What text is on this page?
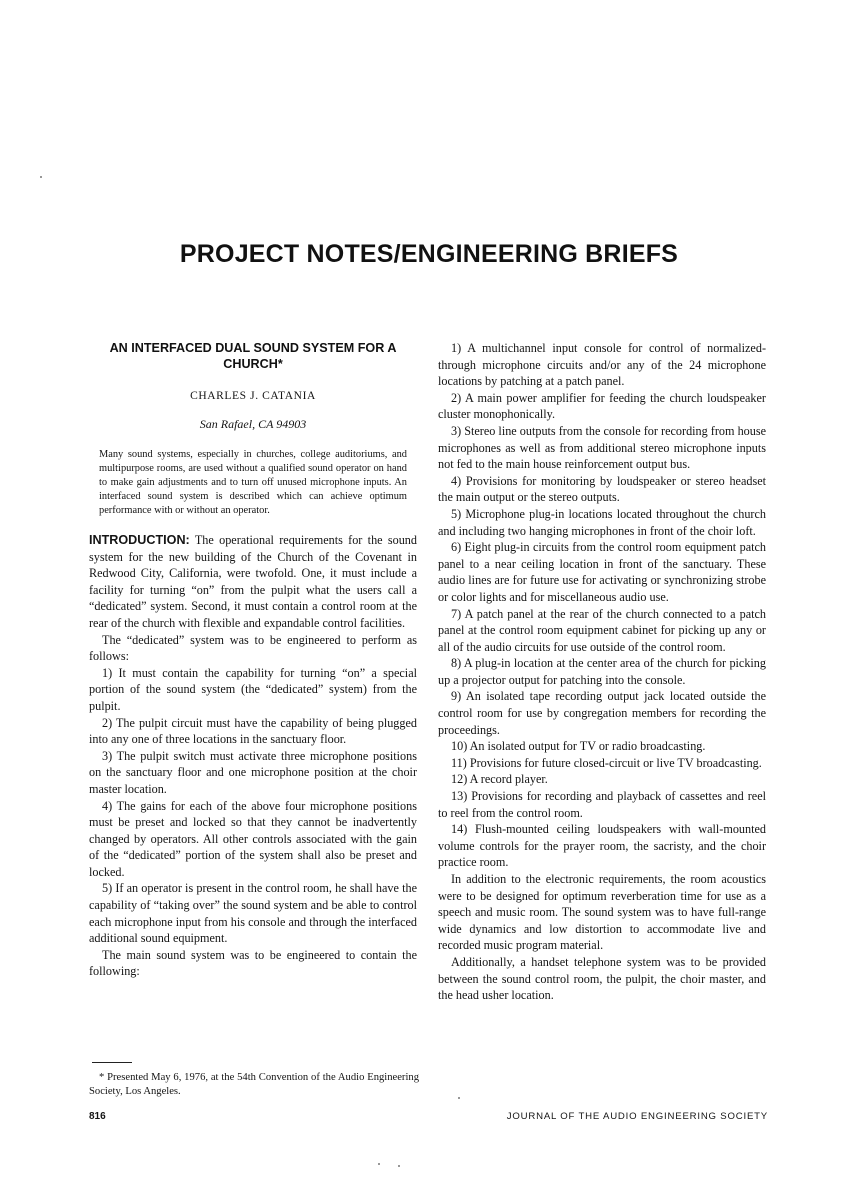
PROJECT NOTES/ENGINEERING BRIEFS
AN INTERFACED DUAL SOUND SYSTEM FOR A CHURCH*
CHARLES J. CATANIA
San Rafael, CA 94903
Many sound systems, especially in churches, college auditoriums, and multipurpose rooms, are used without a qualified sound operator on hand to make gain adjustments and to turn off unused microphone inputs. An interfaced sound system is described which can achieve optimum performance with or without an operator.

INTRODUCTION: The operational requirements for the sound system for the new building of the Church of the Covenant in Redwood City, California, were twofold. One, it must include a facility for turning “on” from the pulpit what the users call a “dedicated” system. Second, it must contain a control room at the rear of the church with flexible and expandable control facilities.

The “dedicated” system was to be engineered to perform as follows:

1) It must contain the capability for turning “on” a special portion of the sound system (the “dedicated” system) from the pulpit.

2) The pulpit circuit must have the capability of being plugged into any one of three locations in the sanctuary floor.

3) The pulpit switch must activate three microphone positions on the sanctuary floor and one microphone position at the choir master location.

4) The gains for each of the above four microphone positions must be preset and locked so that they cannot be inadvertently changed by operators. All other controls associated with the gain of the “dedicated” portion of the system shall also be preset and locked.

5) If an operator is present in the control room, he shall have the capability of “taking over” the sound system and be able to control each microphone input from his console and through the interfaced additional sound equipment.

The main sound system was to be engineered to contain the following:

1) A multichannel input console for control of normalized-through microphone circuits and/or any of the 24 microphone locations by patching at a patch panel.

2) A main power amplifier for feeding the church loudspeaker cluster monophonically.

3) Stereo line outputs from the console for recording from house microphones as well as from additional stereo microphone inputs not fed to the main house reinforcement output bus.

4) Provisions for monitoring by loudspeaker or stereo headset the main output or the stereo outputs.

5) Microphone plug-in locations located throughout the church and including two hanging microphones in front of the choir loft.

6) Eight plug-in circuits from the control room equipment patch panel to a near ceiling location in front of the sanctuary. These audio lines are for future use for activating or synchronizing strobe or color lights and for miscellaneous audio use.

7) A patch panel at the rear of the church connected to a patch panel at the control room equipment cabinet for picking up any or all of the audio circuits for use outside of the control room.

8) A plug-in location at the center area of the church for picking up a projector output for patching into the console.

9) An isolated tape recording output jack located outside the control room for use by congregation members for recording the proceedings.

10) An isolated output for TV or radio broadcasting.

11) Provisions for future closed-circuit or live TV broadcasting.

12) A record player.

13) Provisions for recording and playback of cassettes and reel to reel from the control room.

14) Flush-mounted ceiling loudspeakers with wall-mounted volume controls for the prayer room, the sacristy, and the choir practice room.

In addition to the electronic requirements, the room acoustics were to be designed for optimum reverberation time for use as a speech and music room. The sound system was to have full-range wide dynamics and low distortion to accommodate live and recorded music program material.

Additionally, a handset telephone system was to be provided between the sound control room, the pulpit, the choir master, and the head usher location.

* Presented May 6, 1976, at the 54th Convention of the Audio Engineering Society, Los Angeles.
816	JOURNAL OF THE AUDIO ENGINEERING SOCIETY
